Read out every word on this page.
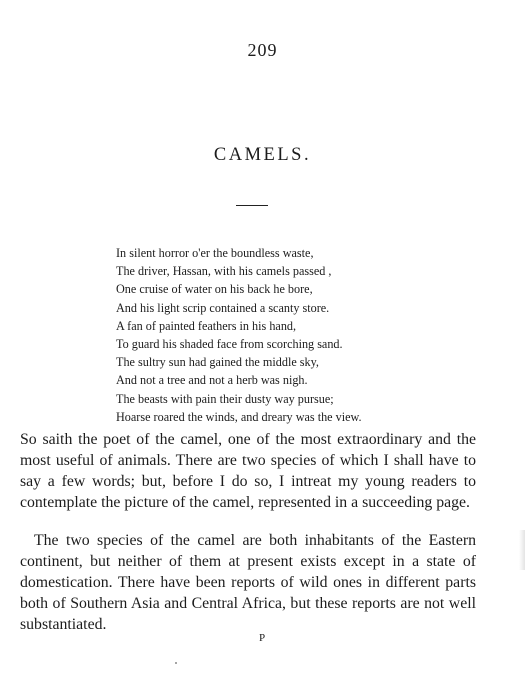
209
CAMELS.
In silent horror o'er the boundless waste,
The driver, Hassan, with his camels passed ,
One cruise of water on his back he bore,
And his light scrip contained a scanty store.
A fan of painted feathers in his hand,
To guard his shaded face from scorching sand.
The sultry sun had gained the middle sky,
And not a tree and not a herb was nigh.
The beasts with pain their dusty way pursue;
Hoarse roared the winds, and dreary was the view.

So saith the poet of the camel, one of the most extraordinary and the most useful of animals. There are two species of which I shall have to say a few words; but, before I do so, I intreat my young readers to contemplate the picture of the camel, represented in a succeeding page.

The two species of the camel are both inhabitants of the Eastern continent, but neither of them at present exists except in a state of domestication. There have been reports of wild ones in different parts both of Southern Asia and Central Africa, but these reports are not well substantiated.

P
